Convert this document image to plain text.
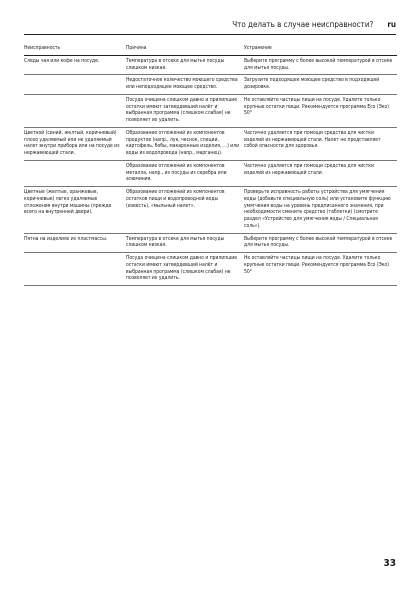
Что делать в случае неисправности? ru
Неисправность	Причина	Устранение
Следы чая или кофе на посуде.	Температура в отсеке для мытья посуды слишком низкая.	Выберите программу с более высокой температурой в отсеке для мытья посуды.
	Недостаточное количество моющего средства или неподходящее моющее средство.	Загрузите подходящее моющее средство в подходящей дозировке.
	Посуда очищена слишком давно и прилипшие остатки имеют затвердевший налёт и выбранная программа (слишком слабая) не позволяет их удалить.	Не оставляйте частицы пищи на посуде. Удалите только крупные остатки пищи. Рекомендуется программа Eco (Эко) 50°
Цветной (синий, желтый, коричневый) плохо удаляемый или не удаляемый налет внутри прибора или на посуде из нержавеющей стали.	Образование отложений из компонентов продуктов (напр., лук, чеснок, специи, картофель, бобы, макаронные изделия, ...) или воды из водопровода (напр., марганец).	Частично удаляется при помощи средства для чистки изделий из нержавеющей стали. Налет не представляет собой опасности для здоровья.
	Образование отложений из компонентов металла, напр., из посуды из серебра или алюминия.	Частично удаляется при помощи средства для чистки изделий из нержавеющей стали.
Цветные (желтые, оранжевые, коричневые) легко удаляемые отложения внутри машины (прежде всего на внутренней двери).	Образование отложений из компонентов остатков пищи и водопроводной воды (известь), «мыльный налет».	Проверьте исправность работы устройства для умягчения воды (добавьте специальную соль) или установите функцию умягчения воды на уровень предписанного значения, при необходимости смените средство (таблетки) (смотрите раздел «Устройство для умягчения воды / Специальная соль»).
Пятна на изделиях из пластмассы.	Температура в отсеке для мытья посуды слишком низкая.	Выберите программу с более высокой температурой в отсеке для мытья посуды.
	Посуда очищена слишком давно и прилипшие остатки имеют затвердевший налёт и выбранная программа (слишком слабая) не позволяет их удалить.	Не оставляйте частицы пищи на посуде. Удалите только крупные остатки пищи. Рекомендуется программа Eco (Эко) 50°
33
